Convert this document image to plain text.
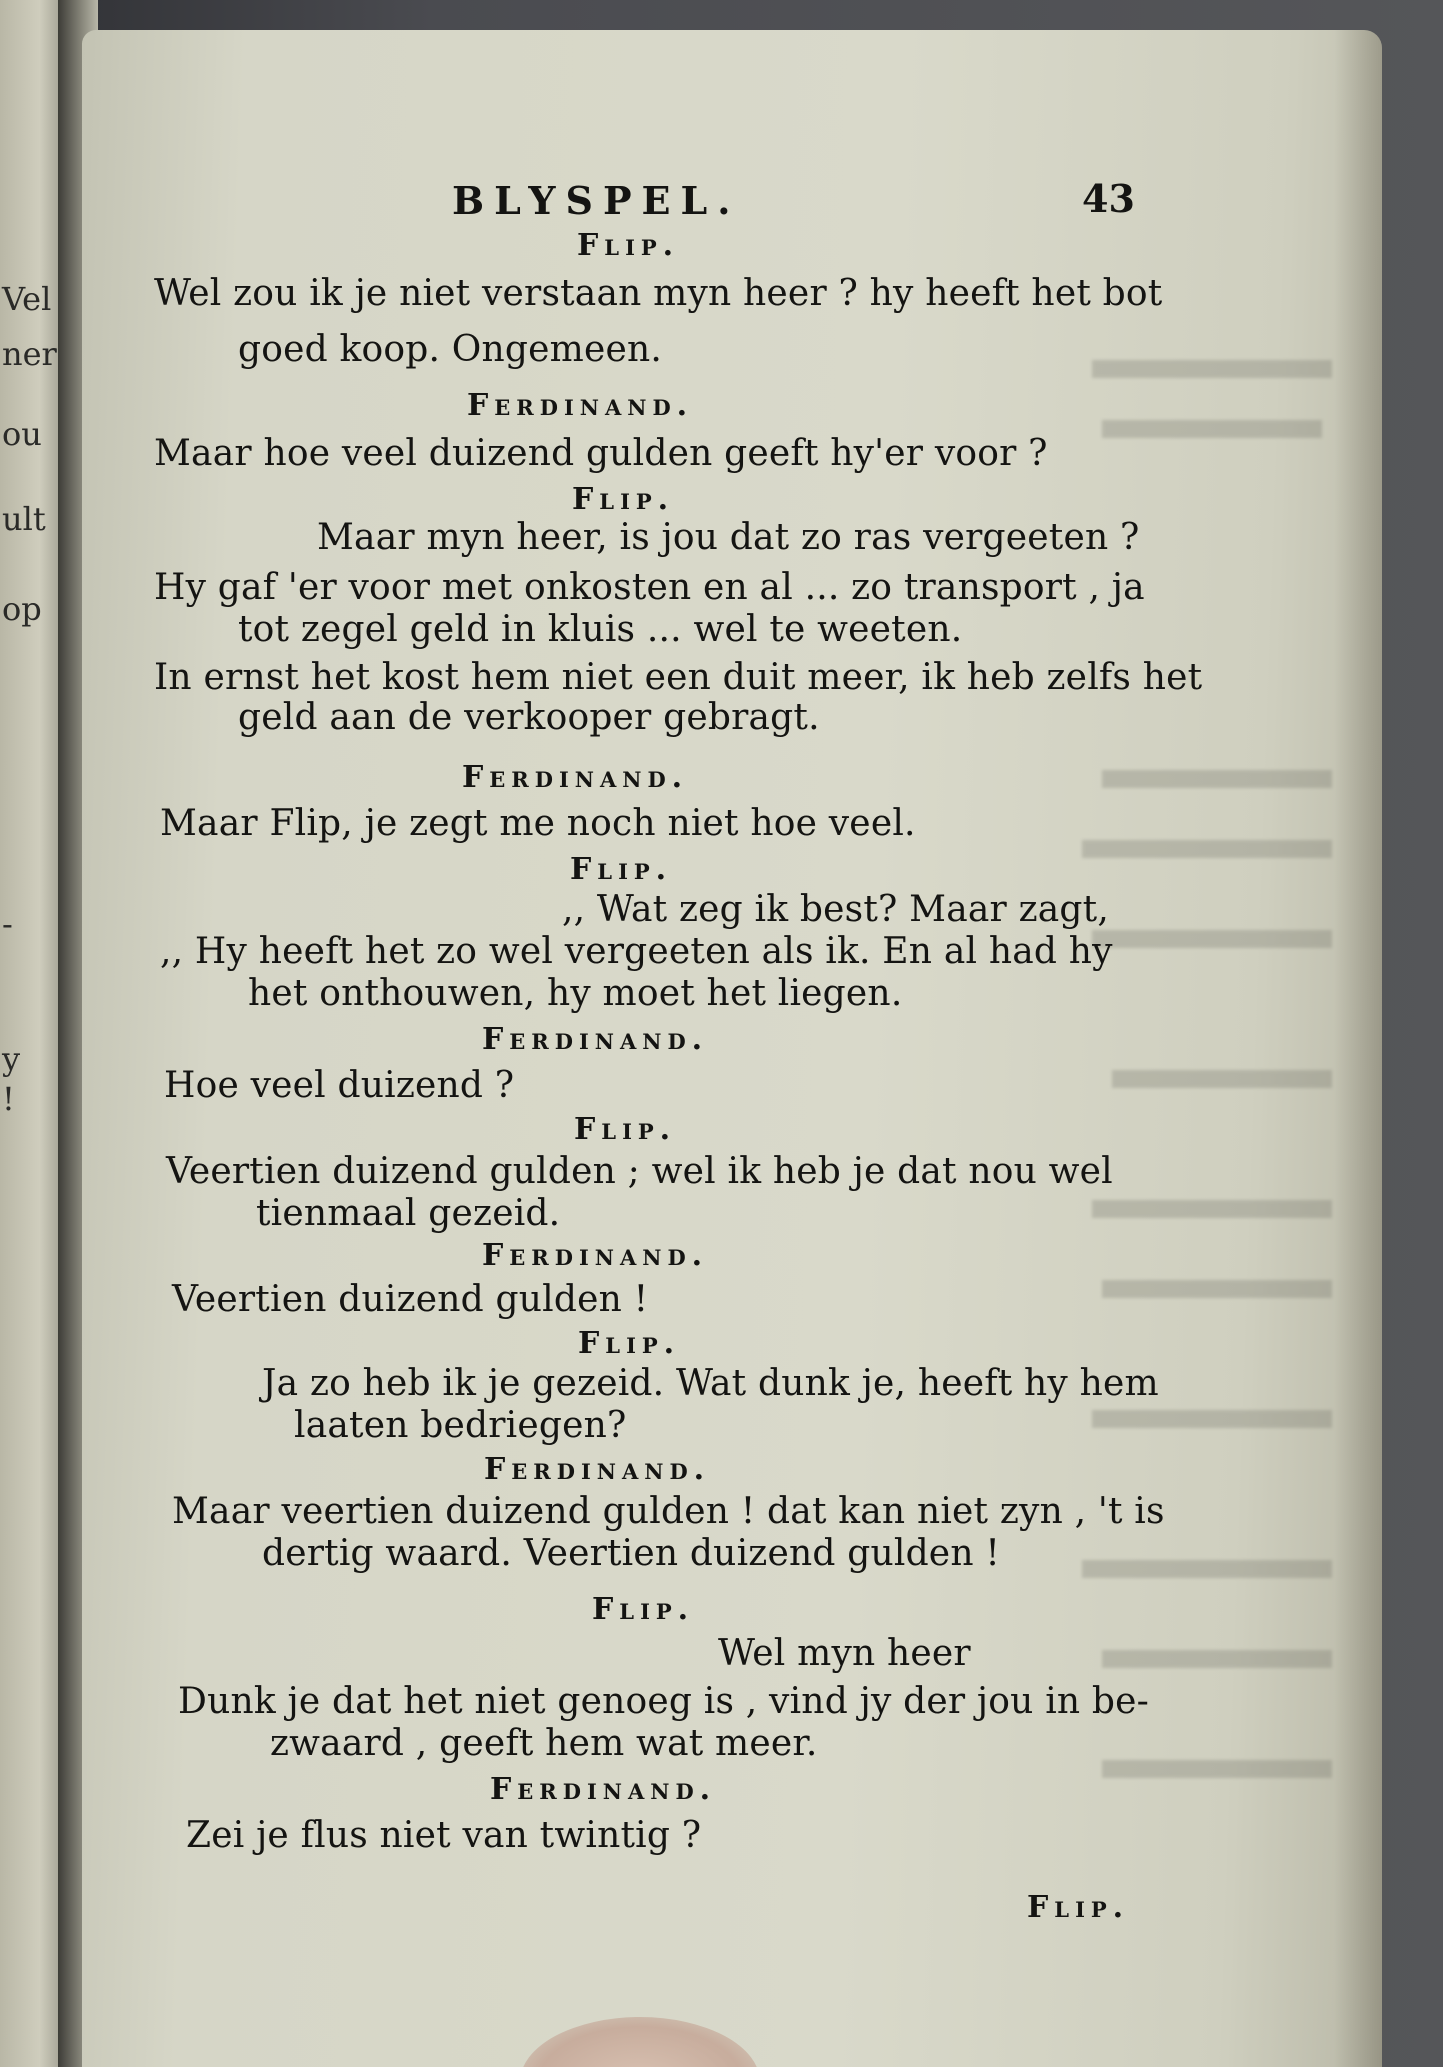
Vel
ner
ou
ult
op
-
y
!
BLYSPEL.	43
Flip.
Wel zou ik je niet verstaan myn heer ? hy heeft het bot
goed koop. Ongemeen.
Ferdinand.
Maar hoe veel duizend gulden geeft hy'er voor ?
Flip.
Maar myn heer, is jou dat zo ras vergeeten ?
Hy gaf 'er voor met onkosten en al ... zo transport , ja
tot zegel geld in kluis ... wel te weeten.
In ernst het kost hem niet een duit meer, ik heb zelfs het
geld aan de verkooper gebragt.
Ferdinand.
Maar Flip, je zegt me noch niet hoe veel.
Flip.
,, Wat zeg ik best? Maar zagt,
,, Hy heeft het zo wel vergeeten als ik. En al had hy
het onthouwen, hy moet het liegen.
Ferdinand.
Hoe veel duizend ?
Flip.
Veertien duizend gulden ; wel ik heb je dat nou wel
tienmaal gezeid.
Ferdinand.
Veertien duizend gulden !
Flip.
Ja zo heb ik je gezeid. Wat dunk je, heeft hy hem
laaten bedriegen?
Ferdinand.
Maar veertien duizend gulden ! dat kan niet zyn , 't is
dertig waard. Veertien duizend gulden !
Flip.
Wel myn heer
Dunk je dat het niet genoeg is , vind jy der jou in be-
zwaard , geeft hem wat meer.
Ferdinand.
Zei je flus niet van twintig ?
Flip.
